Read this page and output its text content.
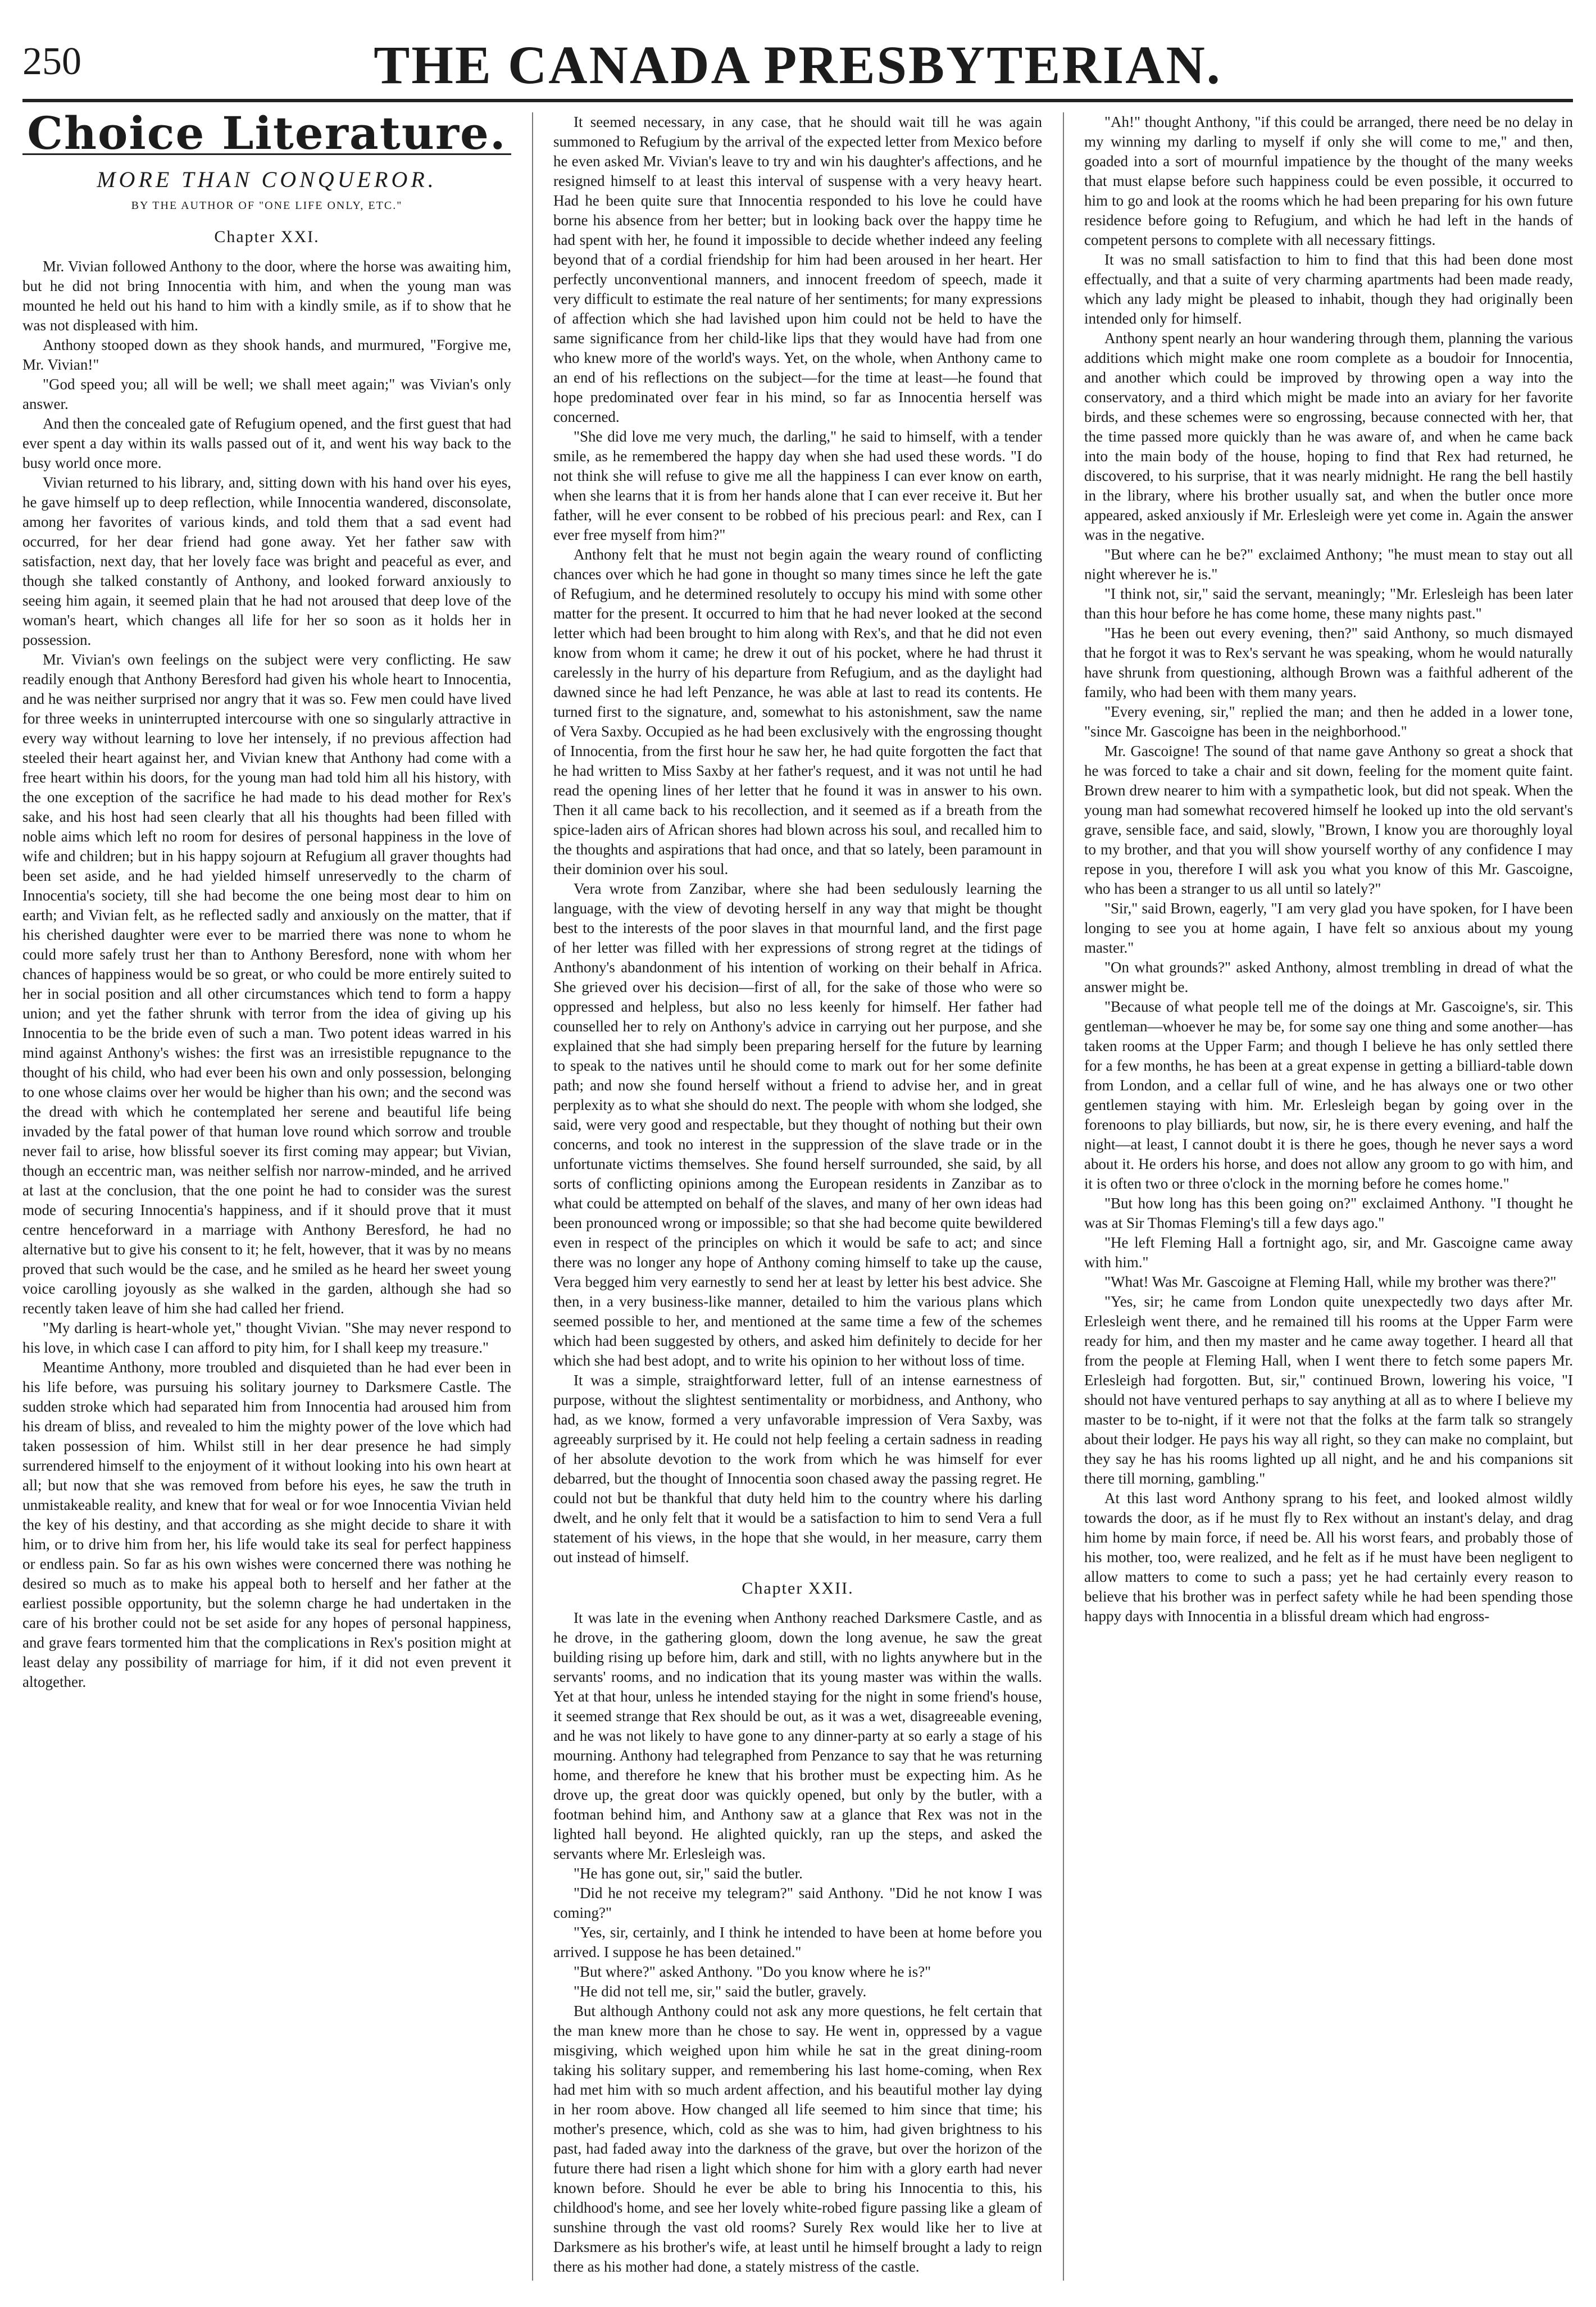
250	THE CANADA PRESBYTERIAN.
Choice Literature.
MORE THAN CONQUEROR.
BY THE AUTHOR OF "ONE LIFE ONLY, ETC."
Chapter XXI.

Mr. Vivian followed Anthony to the door, where the horse was awaiting him, but he did not bring Innocentia with him, and when the young man was mounted he held out his hand to him with a kindly smile, as if to show that he was not displeased with him.

Anthony stooped down as they shook hands, and murmured, "Forgive me, Mr. Vivian!"

"God speed you; all will be well; we shall meet again;" was Vivian's only answer.

And then the concealed gate of Refugium opened, and the first guest that had ever spent a day within its walls passed out of it, and went his way back to the busy world once more.

Vivian returned to his library, and, sitting down with his hand over his eyes, he gave himself up to deep reflection, while Innocentia wandered, disconsolate, among her favorites of various kinds, and told them that a sad event had occurred, for her dear friend had gone away. Yet her father saw with satisfaction, next day, that her lovely face was bright and peaceful as ever, and though she talked constantly of Anthony, and looked forward anxiously to seeing him again, it seemed plain that he had not aroused that deep love of the woman's heart, which changes all life for her so soon as it holds her in possession.

Mr. Vivian's own feelings on the subject were very conflicting. He saw readily enough that Anthony Beresford had given his whole heart to Innocentia, and he was neither surprised nor angry that it was so. Few men could have lived for three weeks in uninterrupted intercourse with one so singularly attractive in every way without learning to love her intensely, if no previous affection had steeled their heart against her, and Vivian knew that Anthony had come with a free heart within his doors, for the young man had told him all his history, with the one exception of the sacrifice he had made to his dead mother for Rex's sake, and his host had seen clearly that all his thoughts had been filled with noble aims which left no room for desires of personal happiness in the love of wife and children; but in his happy sojourn at Refugium all graver thoughts had been set aside, and he had yielded himself unreservedly to the charm of Innocentia's society, till she had become the one being most dear to him on earth; and Vivian felt, as he reflected sadly and anxiously on the matter, that if his cherished daughter were ever to be married there was none to whom he could more safely trust her than to Anthony Beresford, none with whom her chances of happiness would be so great, or who could be more entirely suited to her in social position and all other circumstances which tend to form a happy union; and yet the father shrunk with terror from the idea of giving up his Innocentia to be the bride even of such a man. Two potent ideas warred in his mind against Anthony's wishes: the first was an irresistible repugnance to the thought of his child, who had ever been his own and only possession, belonging to one whose claims over her would be higher than his own; and the second was the dread with which he contemplated her serene and beautiful life being invaded by the fatal power of that human love round which sorrow and trouble never fail to arise, how blissful soever its first coming may appear; but Vivian, though an eccentric man, was neither selfish nor narrow-minded, and he arrived at last at the conclusion, that the one point he had to consider was the surest mode of securing Innocentia's happiness, and if it should prove that it must centre henceforward in a marriage with Anthony Beresford, he had no alternative but to give his consent to it; he felt, however, that it was by no means proved that such would be the case, and he smiled as he heard her sweet young voice carolling joyously as she walked in the garden, although she had so recently taken leave of him she had called her friend.

"My darling is heart-whole yet," thought Vivian. "She may never respond to his love, in which case I can afford to pity him, for I shall keep my treasure."

Meantime Anthony, more troubled and disquieted than he had ever been in his life before, was pursuing his solitary journey to Darksmere Castle. The sudden stroke which had separated him from Innocentia had aroused him from his dream of bliss, and revealed to him the mighty power of the love which had taken possession of him. Whilst still in her dear presence he had simply surrendered himself to the enjoyment of it without looking into his own heart at all; but now that she was removed from before his eyes, he saw the truth in unmistakeable reality, and knew that for weal or for woe Innocentia Vivian held the key of his destiny, and that according as she might decide to share it with him, or to drive him from her, his life would take its seal for perfect happiness or endless pain. So far as his own wishes were concerned there was nothing he desired so much as to make his appeal both to herself and her father at the earliest possible opportunity, but the solemn charge he had undertaken in the care of his brother could not be set aside for any hopes of personal happiness, and grave fears tormented him that the complications in Rex's position might at least delay any possibility of marriage for him, if it did not even prevent it altogether.

It seemed necessary, in any case, that he should wait till he was again summoned to Refugium by the arrival of the expected letter from Mexico before he even asked Mr. Vivian's leave to try and win his daughter's affections, and he resigned himself to at least this interval of suspense with a very heavy heart. Had he been quite sure that Innocentia responded to his love he could have borne his absence from her better; but in looking back over the happy time he had spent with her, he found it impossible to decide whether indeed any feeling beyond that of a cordial friendship for him had been aroused in her heart. Her perfectly unconventional manners, and innocent freedom of speech, made it very difficult to estimate the real nature of her sentiments; for many expressions of affection which she had lavished upon him could not be held to have the same significance from her child-like lips that they would have had from one who knew more of the world's ways. Yet, on the whole, when Anthony came to an end of his reflections on the subject—for the time at least—he found that hope predominated over fear in his mind, so far as Innocentia herself was concerned.

"She did love me very much, the darling," he said to himself, with a tender smile, as he remembered the happy day when she had used these words. "I do not think she will refuse to give me all the happiness I can ever know on earth, when she learns that it is from her hands alone that I can ever receive it. But her father, will he ever consent to be robbed of his precious pearl: and Rex, can I ever free myself from him?"

Anthony felt that he must not begin again the weary round of conflicting chances over which he had gone in thought so many times since he left the gate of Refugium, and he determined resolutely to occupy his mind with some other matter for the present. It occurred to him that he had never looked at the second letter which had been brought to him along with Rex's, and that he did not even know from whom it came; he drew it out of his pocket, where he had thrust it carelessly in the hurry of his departure from Refugium, and as the daylight had dawned since he had left Penzance, he was able at last to read its contents. He turned first to the signature, and, somewhat to his astonishment, saw the name of Vera Saxby. Occupied as he had been exclusively with the engrossing thought of Innocentia, from the first hour he saw her, he had quite forgotten the fact that he had written to Miss Saxby at her father's request, and it was not until he had read the opening lines of her letter that he found it was in answer to his own. Then it all came back to his recollection, and it seemed as if a breath from the spice-laden airs of African shores had blown across his soul, and recalled him to the thoughts and aspirations that had once, and that so lately, been paramount in their dominion over his soul.

Vera wrote from Zanzibar, where she had been sedulously learning the language, with the view of devoting herself in any way that might be thought best to the interests of the poor slaves in that mournful land, and the first page of her letter was filled with her expressions of strong regret at the tidings of Anthony's abandonment of his intention of working on their behalf in Africa. She grieved over his decision—first of all, for the sake of those who were so oppressed and helpless, but also no less keenly for himself. Her father had counselled her to rely on Anthony's advice in carrying out her purpose, and she explained that she had simply been preparing herself for the future by learning to speak to the natives until he should come to mark out for her some definite path; and now she found herself without a friend to advise her, and in great perplexity as to what she should do next. The people with whom she lodged, she said, were very good and respectable, but they thought of nothing but their own concerns, and took no interest in the suppression of the slave trade or in the unfortunate victims themselves. She found herself surrounded, she said, by all sorts of conflicting opinions among the European residents in Zanzibar as to what could be attempted on behalf of the slaves, and many of her own ideas had been pronounced wrong or impossible; so that she had become quite bewildered even in respect of the principles on which it would be safe to act; and since there was no longer any hope of Anthony coming himself to take up the cause, Vera begged him very earnestly to send her at least by letter his best advice. She then, in a very business-like manner, detailed to him the various plans which seemed possible to her, and mentioned at the same time a few of the schemes which had been suggested by others, and asked him definitely to decide for her which she had best adopt, and to write his opinion to her without loss of time.

It was a simple, straightforward letter, full of an intense earnestness of purpose, without the slightest sentimentality or morbidness, and Anthony, who had, as we know, formed a very unfavorable impression of Vera Saxby, was agreeably surprised by it. He could not help feeling a certain sadness in reading of her absolute devotion to the work from which he was himself for ever debarred, but the thought of Innocentia soon chased away the passing regret. He could not but be thankful that duty held him to the country where his darling dwelt, and he only felt that it would be a satisfaction to him to send Vera a full statement of his views, in the hope that she would, in her measure, carry them out instead of himself.

Chapter XXII.

It was late in the evening when Anthony reached Darksmere Castle, and as he drove, in the gathering gloom, down the long avenue, he saw the great building rising up before him, dark and still, with no lights anywhere but in the servants' rooms, and no indication that its young master was within the walls. Yet at that hour, unless he intended staying for the night in some friend's house, it seemed strange that Rex should be out, as it was a wet, disagreeable evening, and he was not likely to have gone to any dinner-party at so early a stage of his mourning. Anthony had telegraphed from Penzance to say that he was returning home, and therefore he knew that his brother must be expecting him. As he drove up, the great door was quickly opened, but only by the butler, with a footman behind him, and Anthony saw at a glance that Rex was not in the lighted hall beyond. He alighted quickly, ran up the steps, and asked the servants where Mr. Erlesleigh was.

"He has gone out, sir," said the butler.

"Did he not receive my telegram?" said Anthony. "Did he not know I was coming?"

"Yes, sir, certainly, and I think he intended to have been at home before you arrived. I suppose he has been detained."

"But where?" asked Anthony. "Do you know where he is?"

"He did not tell me, sir," said the butler, gravely.

But although Anthony could not ask any more questions, he felt certain that the man knew more than he chose to say. He went in, oppressed by a vague misgiving, which weighed upon him while he sat in the great dining-room taking his solitary supper, and remembering his last home-coming, when Rex had met him with so much ardent affection, and his beautiful mother lay dying in her room above. How changed all life seemed to him since that time; his mother's presence, which, cold as she was to him, had given brightness to his past, had faded away into the darkness of the grave, but over the horizon of the future there had risen a light which shone for him with a glory earth had never known before. Should he ever be able to bring his Innocentia to this, his childhood's home, and see her lovely white-robed figure passing like a gleam of sunshine through the vast old rooms? Surely Rex would like her to live at Darksmere as his brother's wife, at least until he himself brought a lady to reign there as his mother had done, a stately mistress of the castle.

"Ah!" thought Anthony, "if this could be arranged, there need be no delay in my winning my darling to myself if only she will come to me," and then, goaded into a sort of mournful impatience by the thought of the many weeks that must elapse before such happiness could be even possible, it occurred to him to go and look at the rooms which he had been preparing for his own future residence before going to Refugium, and which he had left in the hands of competent persons to complete with all necessary fittings.

It was no small satisfaction to him to find that this had been done most effectually, and that a suite of very charming apartments had been made ready, which any lady might be pleased to inhabit, though they had originally been intended only for himself.

Anthony spent nearly an hour wandering through them, planning the various additions which might make one room complete as a boudoir for Innocentia, and another which could be improved by throwing open a way into the conservatory, and a third which might be made into an aviary for her favorite birds, and these schemes were so engrossing, because connected with her, that the time passed more quickly than he was aware of, and when he came back into the main body of the house, hoping to find that Rex had returned, he discovered, to his surprise, that it was nearly midnight. He rang the bell hastily in the library, where his brother usually sat, and when the butler once more appeared, asked anxiously if Mr. Erlesleigh were yet come in. Again the answer was in the negative.

"But where can he be?" exclaimed Anthony; "he must mean to stay out all night wherever he is."

"I think not, sir," said the servant, meaningly; "Mr. Erlesleigh has been later than this hour before he has come home, these many nights past."

"Has he been out every evening, then?" said Anthony, so much dismayed that he forgot it was to Rex's servant he was speaking, whom he would naturally have shrunk from questioning, although Brown was a faithful adherent of the family, who had been with them many years.

"Every evening, sir," replied the man; and then he added in a lower tone, "since Mr. Gascoigne has been in the neighborhood."

Mr. Gascoigne! The sound of that name gave Anthony so great a shock that he was forced to take a chair and sit down, feeling for the moment quite faint. Brown drew nearer to him with a sympathetic look, but did not speak. When the young man had somewhat recovered himself he looked up into the old servant's grave, sensible face, and said, slowly, "Brown, I know you are thoroughly loyal to my brother, and that you will show yourself worthy of any confidence I may repose in you, therefore I will ask you what you know of this Mr. Gascoigne, who has been a stranger to us all until so lately?"

"Sir," said Brown, eagerly, "I am very glad you have spoken, for I have been longing to see you at home again, I have felt so anxious about my young master."

"On what grounds?" asked Anthony, almost trembling in dread of what the answer might be.

"Because of what people tell me of the doings at Mr. Gascoigne's, sir. This gentleman—whoever he may be, for some say one thing and some another—has taken rooms at the Upper Farm; and though I believe he has only settled there for a few months, he has been at a great expense in getting a billiard-table down from London, and a cellar full of wine, and he has always one or two other gentlemen staying with him. Mr. Erlesleigh began by going over in the forenoons to play billiards, but now, sir, he is there every evening, and half the night—at least, I cannot doubt it is there he goes, though he never says a word about it. He orders his horse, and does not allow any groom to go with him, and it is often two or three o'clock in the morning before he comes home."

"But how long has this been going on?" exclaimed Anthony. "I thought he was at Sir Thomas Fleming's till a few days ago."

"He left Fleming Hall a fortnight ago, sir, and Mr. Gascoigne came away with him."

"What! Was Mr. Gascoigne at Fleming Hall, while my brother was there?"

"Yes, sir; he came from London quite unexpectedly two days after Mr. Erlesleigh went there, and he remained till his rooms at the Upper Farm were ready for him, and then my master and he came away together. I heard all that from the people at Fleming Hall, when I went there to fetch some papers Mr. Erlesleigh had forgotten. But, sir," continued Brown, lowering his voice, "I should not have ventured perhaps to say anything at all as to where I believe my master to be to-night, if it were not that the folks at the farm talk so strangely about their lodger. He pays his way all right, so they can make no complaint, but they say he has his rooms lighted up all night, and he and his companions sit there till morning, gambling."

At this last word Anthony sprang to his feet, and looked almost wildly towards the door, as if he must fly to Rex without an instant's delay, and drag him home by main force, if need be. All his worst fears, and probably those of his mother, too, were realized, and he felt as if he must have been negligent to allow matters to come to such a pass; yet he had certainly every reason to believe that his brother was in perfect safety while he had been spending those happy days with Innocentia in a blissful dream which had engross-
